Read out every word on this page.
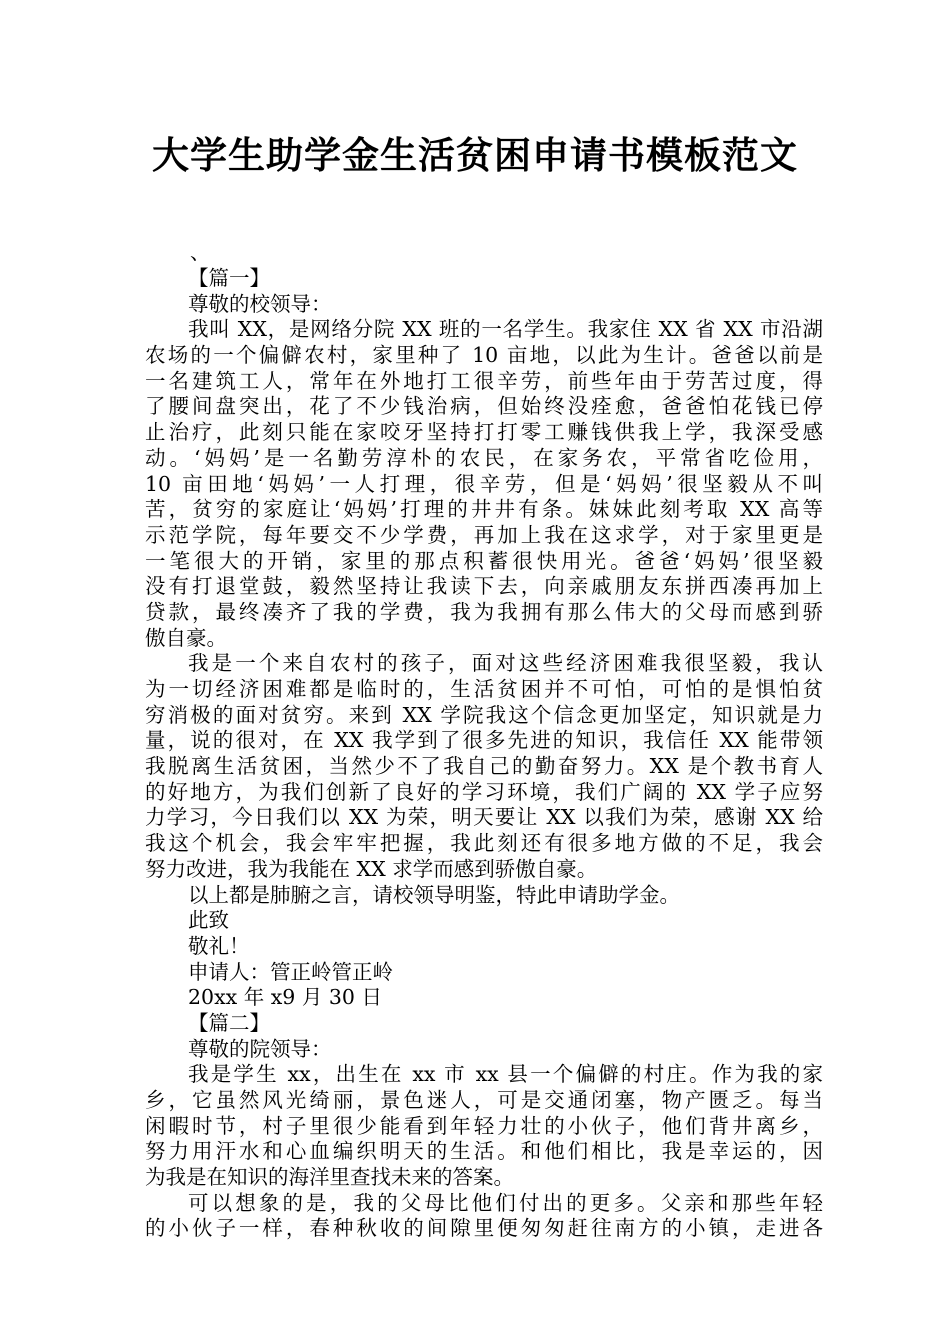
大学生助学金生活贫困申请书模板范文
、
【篇一】
尊敬的校领导：
我叫 XX，是网络分院 XX 班的一名学生。我家住 XX 省 XX 市沿湖
农场的一个偏僻农村，家里种了 10 亩地，以此为生计。爸爸以前是
一名建筑工人，常年在外地打工很辛劳，前些年由于劳苦过度，得
了腰间盘突出，花了不少钱治病，但始终没痊愈，爸爸怕花钱已停
止治疗，此刻只能在家咬牙坚持打打零工赚钱供我上学，我深受感
动。‘妈妈’是一名勤劳淳朴的农民，在家务农，平常省吃俭用，
10 亩田地‘妈妈’一人打理，很辛劳，但是‘妈妈’很坚毅从不叫
苦，贫穷的家庭让‘妈妈’打理的井井有条。妹妹此刻考取 XX 高等
示范学院，每年要交不少学费，再加上我在这求学，对于家里更是
一笔很大的开销，家里的那点积蓄很快用光。爸爸‘妈妈’很坚毅
没有打退堂鼓，毅然坚持让我读下去，向亲戚朋友东拼西凑再加上
贷款，最终凑齐了我的学费，我为我拥有那么伟大的父母而感到骄
傲自豪。
我是一个来自农村的孩子，面对这些经济困难我很坚毅，我认
为一切经济困难都是临时的，生活贫困并不可怕，可怕的是惧怕贫
穷消极的面对贫穷。来到 XX 学院我这个信念更加坚定，知识就是力
量，说的很对，在 XX 我学到了很多先进的知识，我信任 XX 能带领
我脱离生活贫困，当然少不了我自己的勤奋努力。XX 是个教书育人
的好地方，为我们创新了良好的学习环境，我们广阔的 XX 学子应努
力学习，今日我们以 XX 为荣，明天要让 XX 以我们为荣，感谢 XX 给
我这个机会，我会牢牢把握，我此刻还有很多地方做的不足，我会
努力改进，我为我能在 XX 求学而感到骄傲自豪。
以上都是肺腑之言，请校领导明鉴，特此申请助学金。
此致
敬礼！
申请人：管正岭管正岭
20xx 年 x9 月 30 日
【篇二】
尊敬的院领导：
我是学生 xx，出生在 xx 市 xx 县一个偏僻的村庄。作为我的家
乡，它虽然风光绮丽，景色迷人，可是交通闭塞，物产匮乏。每当
闲暇时节，村子里很少能看到年轻力壮的小伙子，他们背井离乡，
努力用汗水和心血编织明天的生活。和他们相比，我是幸运的，因
为我是在知识的海洋里查找未来的答案。
可以想象的是，我的父母比他们付出的更多。父亲和那些年轻
的小伙子一样，春种秋收的间隙里便匆匆赶往南方的小镇，走进各
